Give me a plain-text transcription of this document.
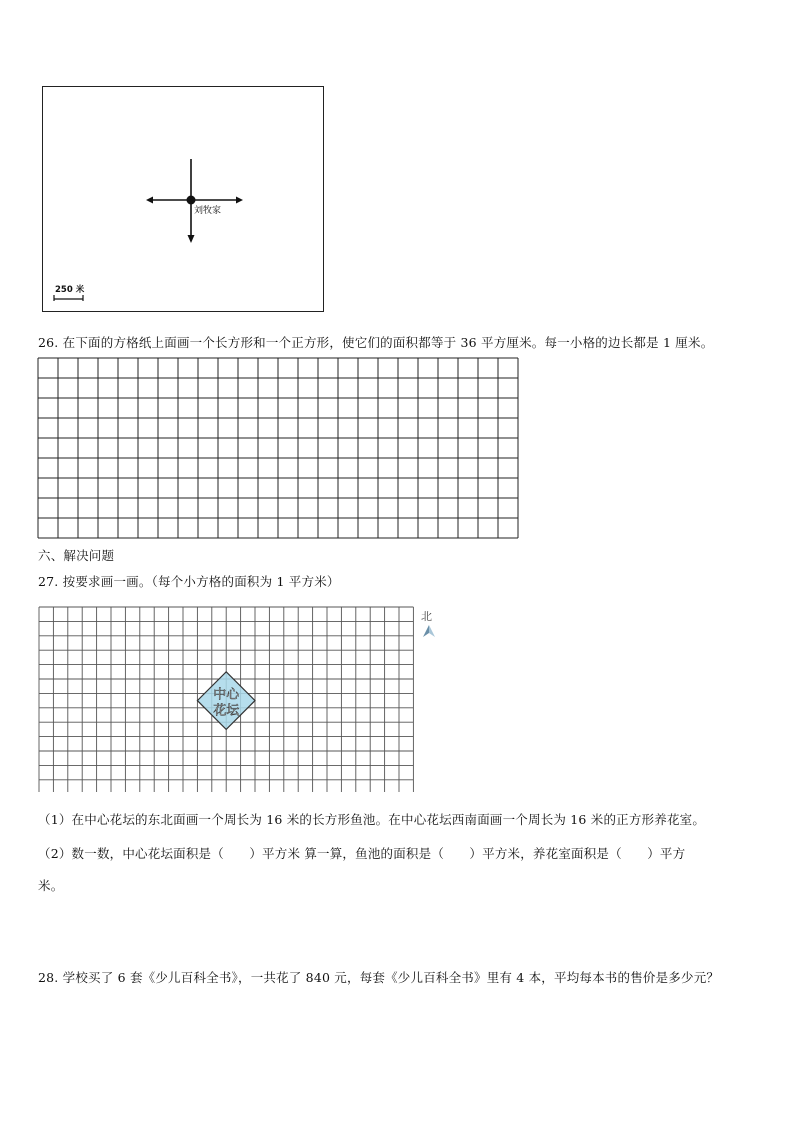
刘牧家
250 米
26. 在下面的方格纸上面画一个长方形和一个正方形，使它们的面积都等于 36 平方厘米。每一小格的边长都是 1 厘米。
六、解决问题
27. 按要求画一画。（每个小方格的面积为 1 平方米）
中心
花坛
北
（1）在中心花坛的东北面画一个周长为 16 米的长方形鱼池。在中心花坛西南面画一个周长为 16 米的正方形养花室。
（2）数一数，中心花坛面积是（　　）平方米 算一算，鱼池的面积是（　　）平方米，养花室面积是（　　）平方
米。
28. 学校买了 6 套《少儿百科全书》，一共花了 840 元，每套《少儿百科全书》里有 4 本，平均每本书的售价是多少元？
